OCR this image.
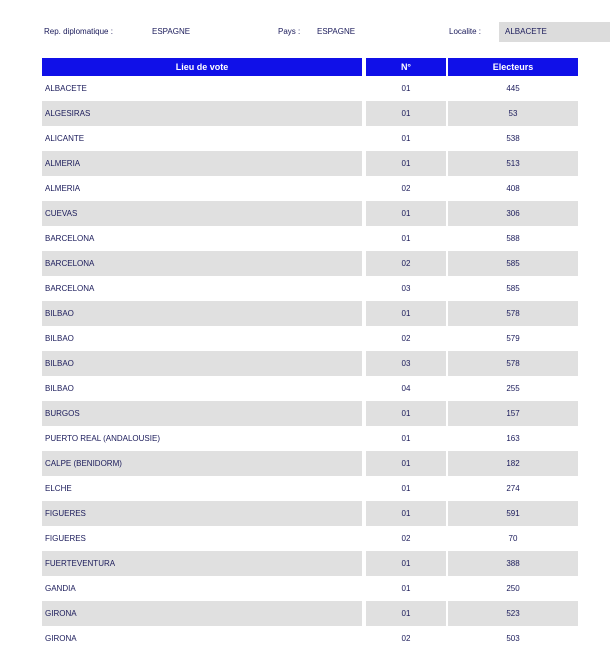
Rep. diplomatique :	ESPAGNE	Pays : ESPAGNE	Localite :	ALBACETE
Lieu de vote		N°		Electeurs
ALBACETE		01		445
ALGESIRAS		01		53
ALICANTE		01		538
ALMERIA		01		513
ALMERIA		02		408
CUEVAS		01		306
BARCELONA		01		588
BARCELONA		02		585
BARCELONA		03		585
BILBAO		01		578
BILBAO		02		579
BILBAO		03		578
BILBAO		04		255
BURGOS		01		157
PUERTO REAL (ANDALOUSIE)		01		163
CALPE (BENIDORM)		01		182
ELCHE		01		274
FIGUERES		01		591
FIGUERES		02		70
FUERTEVENTURA		01		388
GANDIA		01		250
GIRONA		01		523
GIRONA		02		503
